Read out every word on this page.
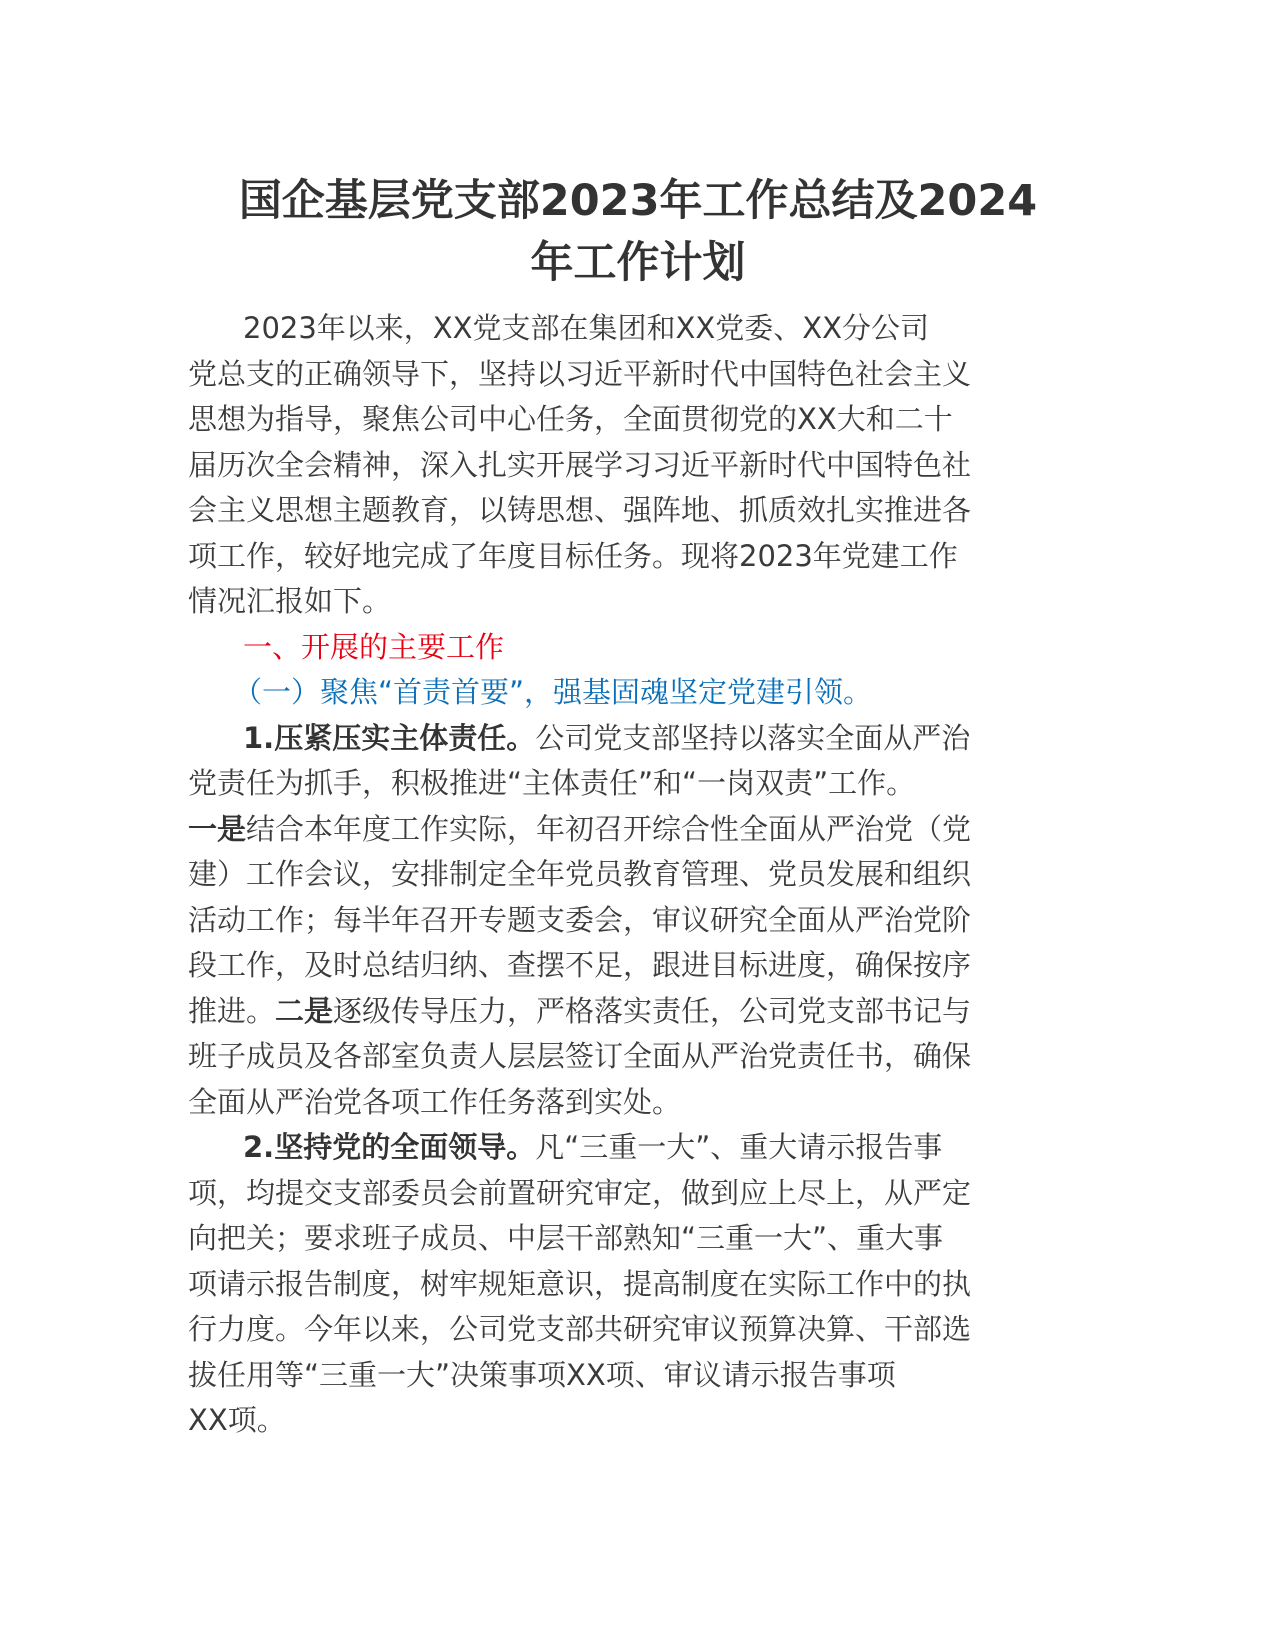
国企基层党支部2023年工作总结及2024
年工作计划
2023年以来，XX党支部在集团和XX党委、XX分公司
党总支的正确领导下，坚持以习近平新时代中国特色社会主义
思想为指导，聚焦公司中心任务，全面贯彻党的XX大和二十
届历次全会精神，深入扎实开展学习习近平新时代中国特色社
会主义思想主题教育，以铸思想、强阵地、抓质效扎实推进各
项工作，较好地完成了年度目标任务。现将2023年党建工作
情况汇报如下。
一、开展的主要工作
（一）聚焦“首责首要”，强基固魂坚定党建引领。
1.压紧压实主体责任。公司党支部坚持以落实全面从严治
党责任为抓手，积极推进“主体责任”和“一岗双责”工作。
一是结合本年度工作实际，年初召开综合性全面从严治党（党
建）工作会议，安排制定全年党员教育管理、党员发展和组织
活动工作；每半年召开专题支委会，审议研究全面从严治党阶
段工作，及时总结归纳、查摆不足，跟进目标进度，确保按序
推进。二是逐级传导压力，严格落实责任，公司党支部书记与
班子成员及各部室负责人层层签订全面从严治党责任书，确保
全面从严治党各项工作任务落到实处。
2.坚持党的全面领导。凡“三重一大”、重大请示报告事
项，均提交支部委员会前置研究审定，做到应上尽上，从严定
向把关；要求班子成员、中层干部熟知“三重一大”、重大事
项请示报告制度，树牢规矩意识，提高制度在实际工作中的执
行力度。今年以来，公司党支部共研究审议预算决算、干部选
拔任用等“三重一大”决策事项XX项、审议请示报告事项
XX项。
